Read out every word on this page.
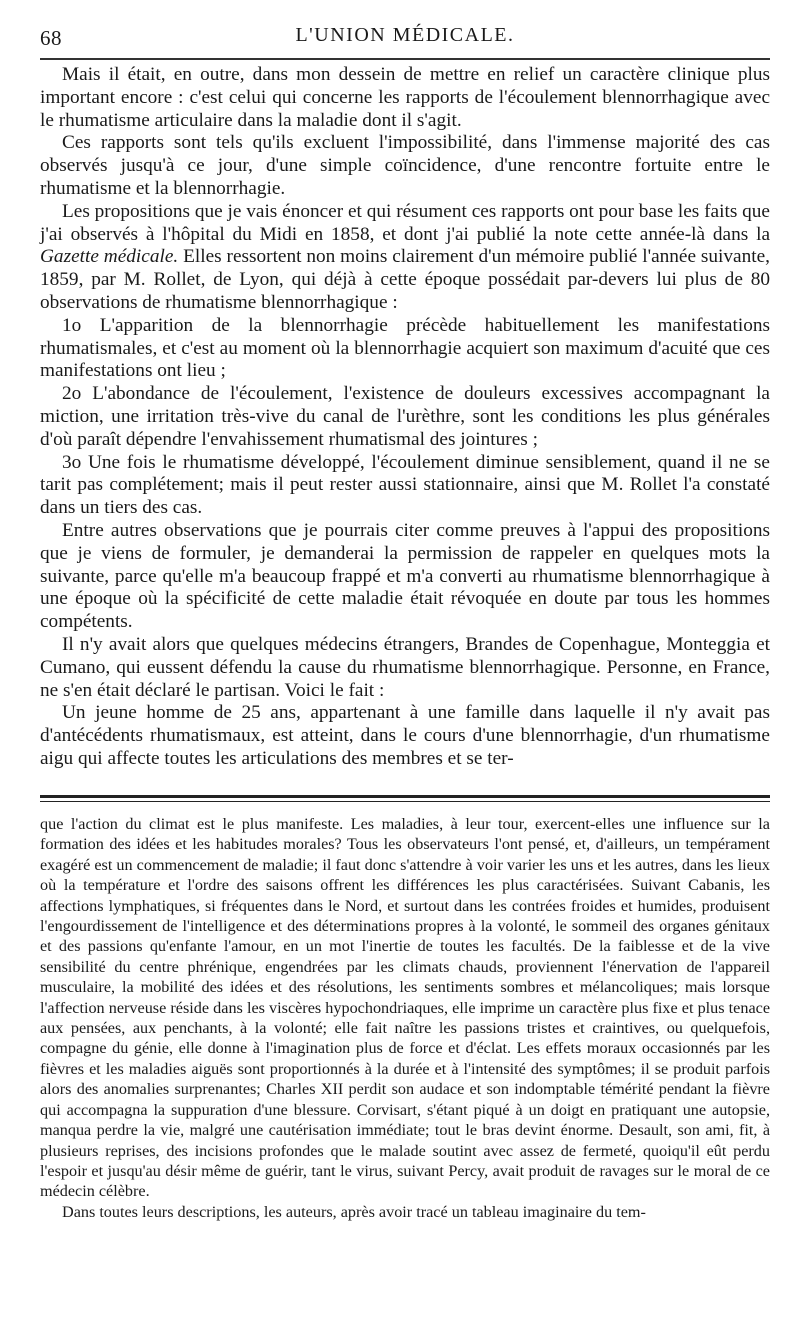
68	L'UNION MÉDICALE.

Mais il était, en outre, dans mon dessein de mettre en relief un caractère clinique plus important encore : c'est celui qui concerne les rapports de l'écoulement blennorrhagique avec le rhumatisme articulaire dans la maladie dont il s'agit.

Ces rapports sont tels qu'ils excluent l'impossibilité, dans l'immense majorité des cas observés jusqu'à ce jour, d'une simple coïncidence, d'une rencontre fortuite entre le rhumatisme et la blennorrhagie.

Les propositions que je vais énoncer et qui résument ces rapports ont pour base les faits que j'ai observés à l'hôpital du Midi en 1858, et dont j'ai publié la note cette année-là dans la Gazette médicale. Elles ressortent non moins clairement d'un mémoire publié l'année suivante, 1859, par M. Rollet, de Lyon, qui déjà à cette époque possédait par-devers lui plus de 80 observations de rhumatisme blennorrhagique :

1o L'apparition de la blennorrhagie précède habituellement les manifestations rhumatismales, et c'est au moment où la blennorrhagie acquiert son maximum d'acuité que ces manifestations ont lieu ;

2o L'abondance de l'écoulement, l'existence de douleurs excessives accompagnant la miction, une irritation très-vive du canal de l'urèthre, sont les conditions les plus générales d'où paraît dépendre l'envahissement rhumatismal des jointures ;

3o Une fois le rhumatisme développé, l'écoulement diminue sensiblement, quand il ne se tarit pas complétement; mais il peut rester aussi stationnaire, ainsi que M. Rollet l'a constaté dans un tiers des cas.

Entre autres observations que je pourrais citer comme preuves à l'appui des propositions que je viens de formuler, je demanderai la permission de rappeler en quelques mots la suivante, parce qu'elle m'a beaucoup frappé et m'a converti au rhumatisme blennorrhagique à une époque où la spécificité de cette maladie était révoquée en doute par tous les hommes compétents.

Il n'y avait alors que quelques médecins étrangers, Brandes de Copenhague, Monteggia et Cumano, qui eussent défendu la cause du rhumatisme blennorrhagique. Personne, en France, ne s'en était déclaré le partisan. Voici le fait :

Un jeune homme de 25 ans, appartenant à une famille dans laquelle il n'y avait pas d'antécédents rhumatismaux, est atteint, dans le cours d'une blennorrhagie, d'un rhumatisme aigu qui affecte toutes les articulations des membres et se ter-

que l'action du climat est le plus manifeste. Les maladies, à leur tour, exercent-elles une influence sur la formation des idées et les habitudes morales? Tous les observateurs l'ont pensé, et, d'ailleurs, un tempérament exagéré est un commencement de maladie; il faut donc s'attendre à voir varier les uns et les autres, dans les lieux où la température et l'ordre des saisons offrent les différences les plus caractérisées. Suivant Cabanis, les affections lymphatiques, si fréquentes dans le Nord, et surtout dans les contrées froides et humides, produisent l'engourdissement de l'intelligence et des déterminations propres à la volonté, le sommeil des organes génitaux et des passions qu'enfante l'amour, en un mot l'inertie de toutes les facultés. De la faiblesse et de la vive sensibilité du centre phrénique, engendrées par les climats chauds, proviennent l'énervation de l'appareil musculaire, la mobilité des idées et des résolutions, les sentiments sombres et mélancoliques; mais lorsque l'affection nerveuse réside dans les viscères hypochondriaques, elle imprime un caractère plus fixe et plus tenace aux pensées, aux penchants, à la volonté; elle fait naître les passions tristes et craintives, ou quelquefois, compagne du génie, elle donne à l'imagination plus de force et d'éclat. Les effets moraux occasionnés par les fièvres et les maladies aiguës sont proportionnés à la durée et à l'intensité des symptômes; il se produit parfois alors des anomalies surprenantes; Charles XII perdit son audace et son indomptable témérité pendant la fièvre qui accompagna la suppuration d'une blessure. Corvisart, s'étant piqué à un doigt en pratiquant une autopsie, manqua perdre la vie, malgré une cautérisation immédiate; tout le bras devint énorme. Desault, son ami, fit, à plusieurs reprises, des incisions profondes que le malade soutint avec assez de fermeté, quoiqu'il eût perdu l'espoir et jusqu'au désir même de guérir, tant le virus, suivant Percy, avait produit de ravages sur le moral de ce médecin célèbre.

Dans toutes leurs descriptions, les auteurs, après avoir tracé un tableau imaginaire du tem-
